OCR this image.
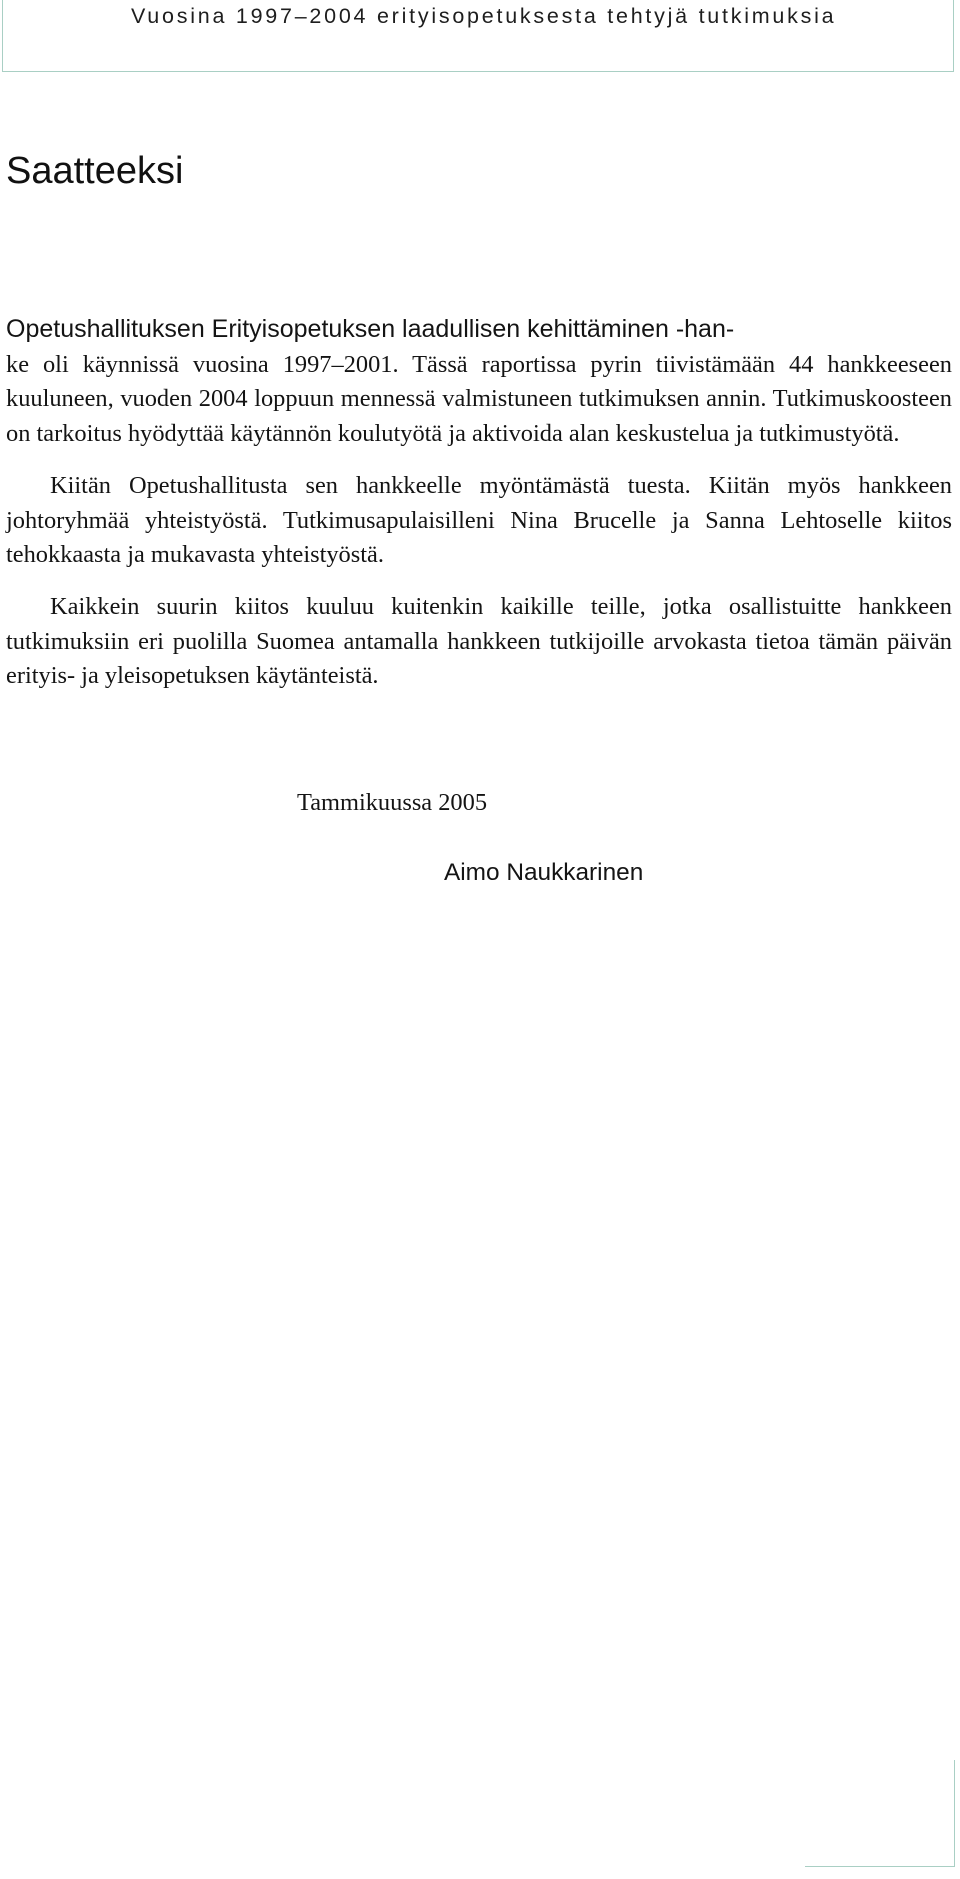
Vuosina 1997–2004 erityisopetuksesta tehtyjä tutkimuksia
Saatteeksi

Opetushallituksen Erityisopetuksen laadullisen kehittäminen -han-
ke oli käynnissä vuosina 1997–2001. Tässä raportissa pyrin tiivistämään 44 hankkeeseen kuuluneen, vuoden 2004 loppuun mennessä valmistuneen tutkimuksen annin. Tutkimuskoosteen on tarkoitus hyödyttää käytännön koulutyötä ja aktivoida alan keskustelua ja tutkimustyötä.

Kiitän Opetushallitusta sen hankkeelle myöntämästä tuesta. Kiitän myös hankkeen johtoryhmää yhteistyöstä. Tutkimusapulaisilleni Nina Brucelle ja Sanna Lehtoselle kiitos tehokkaasta ja mukavasta yhteistyöstä.

Kaikkein suurin kiitos kuuluu kuitenkin kaikille teille, jotka osallistuitte hankkeen tutkimuksiin eri puolilla Suomea antamalla hankkeen tutkijoille arvokasta tietoa tämän päivän erityis- ja yleisopetuksen käytänteistä.

Tammikuussa 2005
Aimo Naukkarinen
